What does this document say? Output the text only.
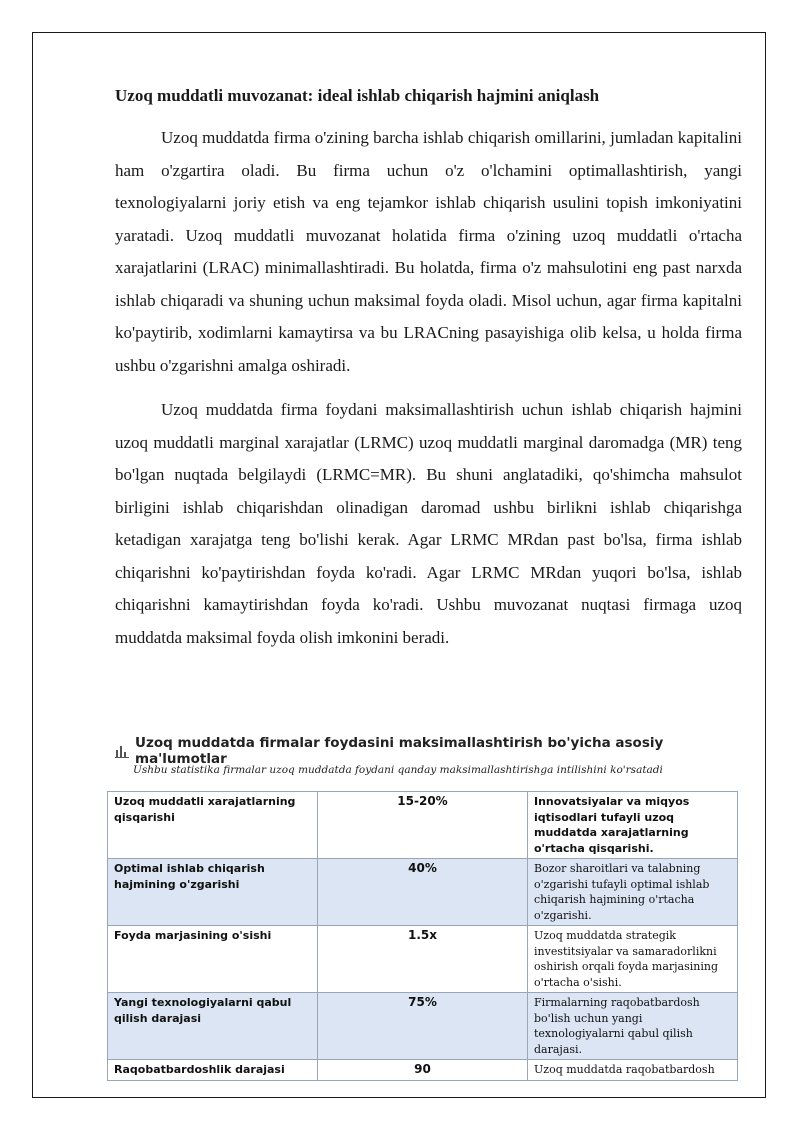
Uzoq muddatli muvozanat: ideal ishlab chiqarish hajmini aniqlash

Uzoq muddatda firma o'zining barcha ishlab chiqarish omillarini, jumladan kapitalini ham o'zgartira oladi. Bu firma uchun o'z o'lchamini optimallashtirish, yangi texnologiyalarni joriy etish va eng tejamkor ishlab chiqarish usulini topish imkoniyatini yaratadi. Uzoq muddatli muvozanat holatida firma o'zining uzoq muddatli o'rtacha xarajatlarini (LRAC) minimallashtiradi. Bu holatda, firma o'z mahsulotini eng past narxda ishlab chiqaradi va shuning uchun maksimal foyda oladi. Misol uchun, agar firma kapitalni ko'paytirib, xodimlarni kamaytirsa va bu LRACning pasayishiga olib kelsa, u holda firma ushbu o'zgarishni amalga oshiradi.

Uzoq muddatda firma foydani maksimallashtirish uchun ishlab chiqarish hajmini uzoq muddatli marginal xarajatlar (LRMC) uzoq muddatli marginal daromadga (MR) teng bo'lgan nuqtada belgilaydi (LRMC=MR). Bu shuni anglatadiki, qo'shimcha mahsulot birligini ishlab chiqarishdan olinadigan daromad ushbu birlikni ishlab chiqarishga ketadigan xarajatga teng bo'lishi kerak. Agar LRMC MRdan past bo'lsa, firma ishlab chiqarishni ko'paytirishdan foyda ko'radi. Agar LRMC MRdan yuqori bo'lsa, ishlab chiqarishni kamaytirishdan foyda ko'radi. Ushbu muvozanat nuqtasi firmaga uzoq muddatda maksimal foyda olish imkonini beradi.

Uzoq muddatda firmalar foydasini maksimallashtirish bo'yicha asosiy ma'lumotlar
Ushbu statistika firmalar uzoq muddatda foydani qanday maksimallashtirishga intilishini ko'rsatadi
Uzoq muddatli xarajatlarning qisqarishi	15-20%	Innovatsiyalar va miqyos iqtisodlari tufayli uzoq muddatda xarajatlarning o'rtacha qisqarishi.
Optimal ishlab chiqarish hajmining o'zgarishi	40%	Bozor sharoitlari va talabning o'zgarishi tufayli optimal ishlab chiqarish hajmining o'rtacha o'zgarishi.
Foyda marjasining o'sishi	1.5x	Uzoq muddatda strategik investitsiyalar va samaradorlikni oshirish orqali foyda marjasining o'rtacha o'sishi.
Yangi texnologiyalarni qabul qilish darajasi	75%	Firmalarning raqobatbardosh bo'lish uchun yangi texnologiyalarni qabul qilish darajasi.
Raqobatbardoshlik darajasi	90	Uzoq muddatda raqobatbardosh
